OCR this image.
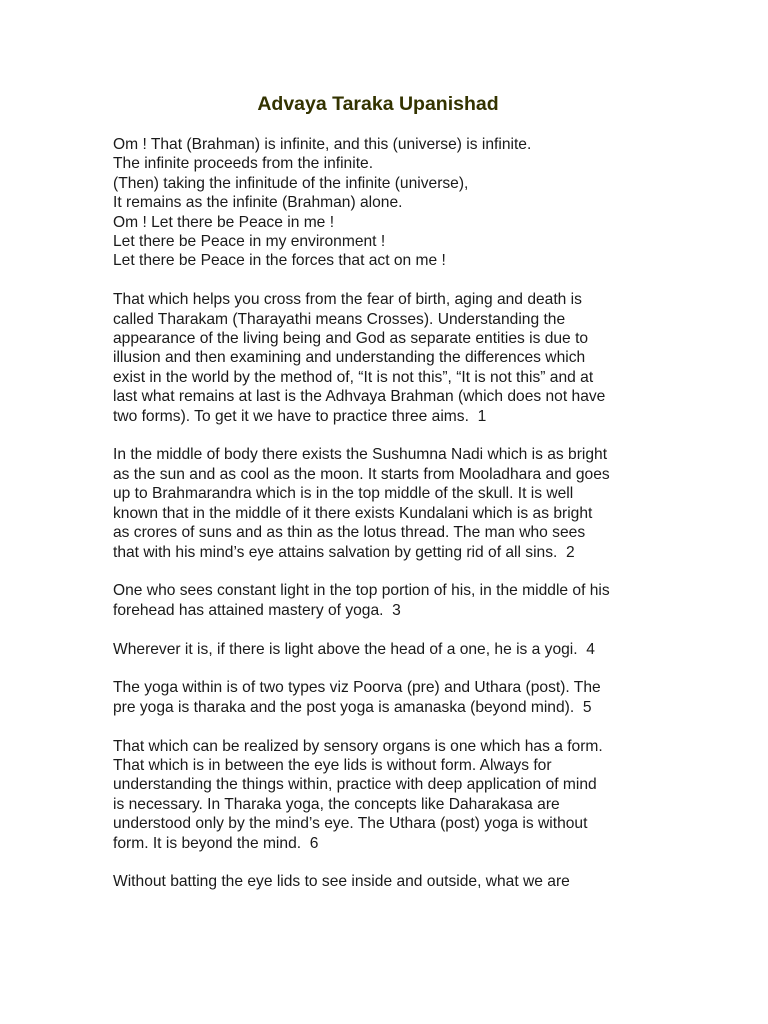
Advaya Taraka Upanishad

Om ! That (Brahman) is infinite, and this (universe) is infinite.
The infinite proceeds from the infinite.
(Then) taking the infinitude of the infinite (universe),
It remains as the infinite (Brahman) alone.
Om ! Let there be Peace in me !
Let there be Peace in my environment !
Let there be Peace in the forces that act on me !

That which helps you cross from the fear of birth, aging and death is
called Tharakam (Tharayathi means Crosses). Understanding the
appearance of the living being and God as separate entities is due to
illusion and then examining and understanding the differences which
exist in the world by the method of, “It is not this”, “It is not this” and at
last what remains at last is the Adhvaya Brahman (which does not have
two forms). To get it we have to practice three aims.  1

In the middle of body there exists the Sushumna Nadi which is as bright
as the sun and as cool as the moon. It starts from Mooladhara and goes
up to Brahmarandra which is in the top middle of the skull. It is well
known that in the middle of it there exists Kundalani which is as bright
as crores of suns and as thin as the lotus thread. The man who sees
that with his mind’s eye attains salvation by getting rid of all sins.  2

One who sees constant light in the top portion of his, in the middle of his
forehead has attained mastery of yoga.  3

Wherever it is, if there is light above the head of a one, he is a yogi.  4

The yoga within is of two types viz Poorva (pre) and Uthara (post). The
pre yoga is tharaka and the post yoga is amanaska (beyond mind).  5

That which can be realized by sensory organs is one which has a form.
That which is in between the eye lids is without form. Always for
understanding the things within, practice with deep application of mind
is necessary. In Tharaka yoga, the concepts like Daharakasa are
understood only by the mind’s eye. The Uthara (post) yoga is without
form. It is beyond the mind.  6

Without batting the eye lids to see inside and outside, what we are
